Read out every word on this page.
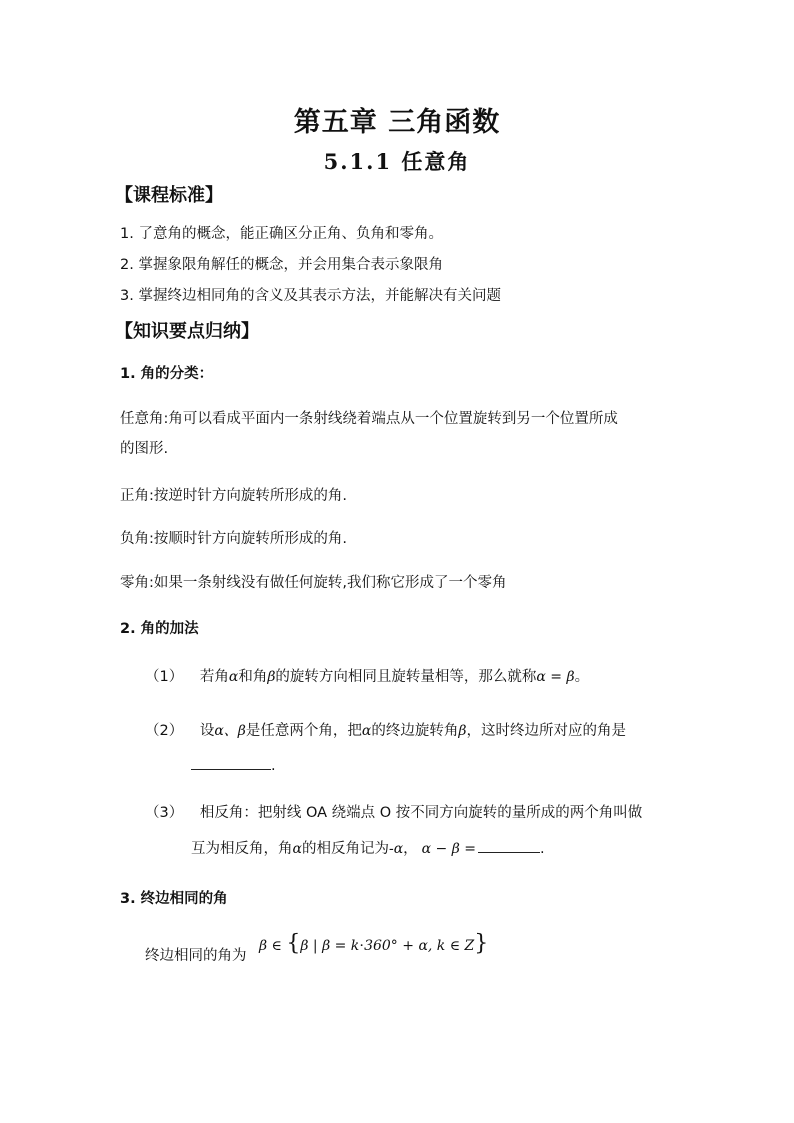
第五章 三角函数
5.1.1 任意角
【课程标准】
1. 了意角的概念，能正确区分正角、负角和零角。
2. 掌握象限角解任的概念，并会用集合表示象限角
3. 掌握终边相同角的含义及其表示方法，并能解决有关问题
【知识要点归纳】
1. 角的分类：
任意角:角可以看成平面内一条射线绕着端点从一个位置旋转到另一个位置所成
的图形.
正角:按逆时针方向旋转所形成的角.
负角:按顺时针方向旋转所形成的角.
零角:如果一条射线没有做任何旋转,我们称它形成了一个零角
2. 角的加法
（1） 若角α和角β的旋转方向相同且旋转量相等，那么就称α = β。
（2） 设α、β是任意两个角，把α的终边旋转角β，这时终边所对应的角是
.
（3） 相反角：把射线 OA 绕端点 O 按不同方向旋转的量所成的两个角叫做
互为相反角，角α的相反角记为-α， α − β =	.
3. 终边相同的角
终边相同的角为
β ∈ {β | β = k⋅360° + α, k ∈ Z}
